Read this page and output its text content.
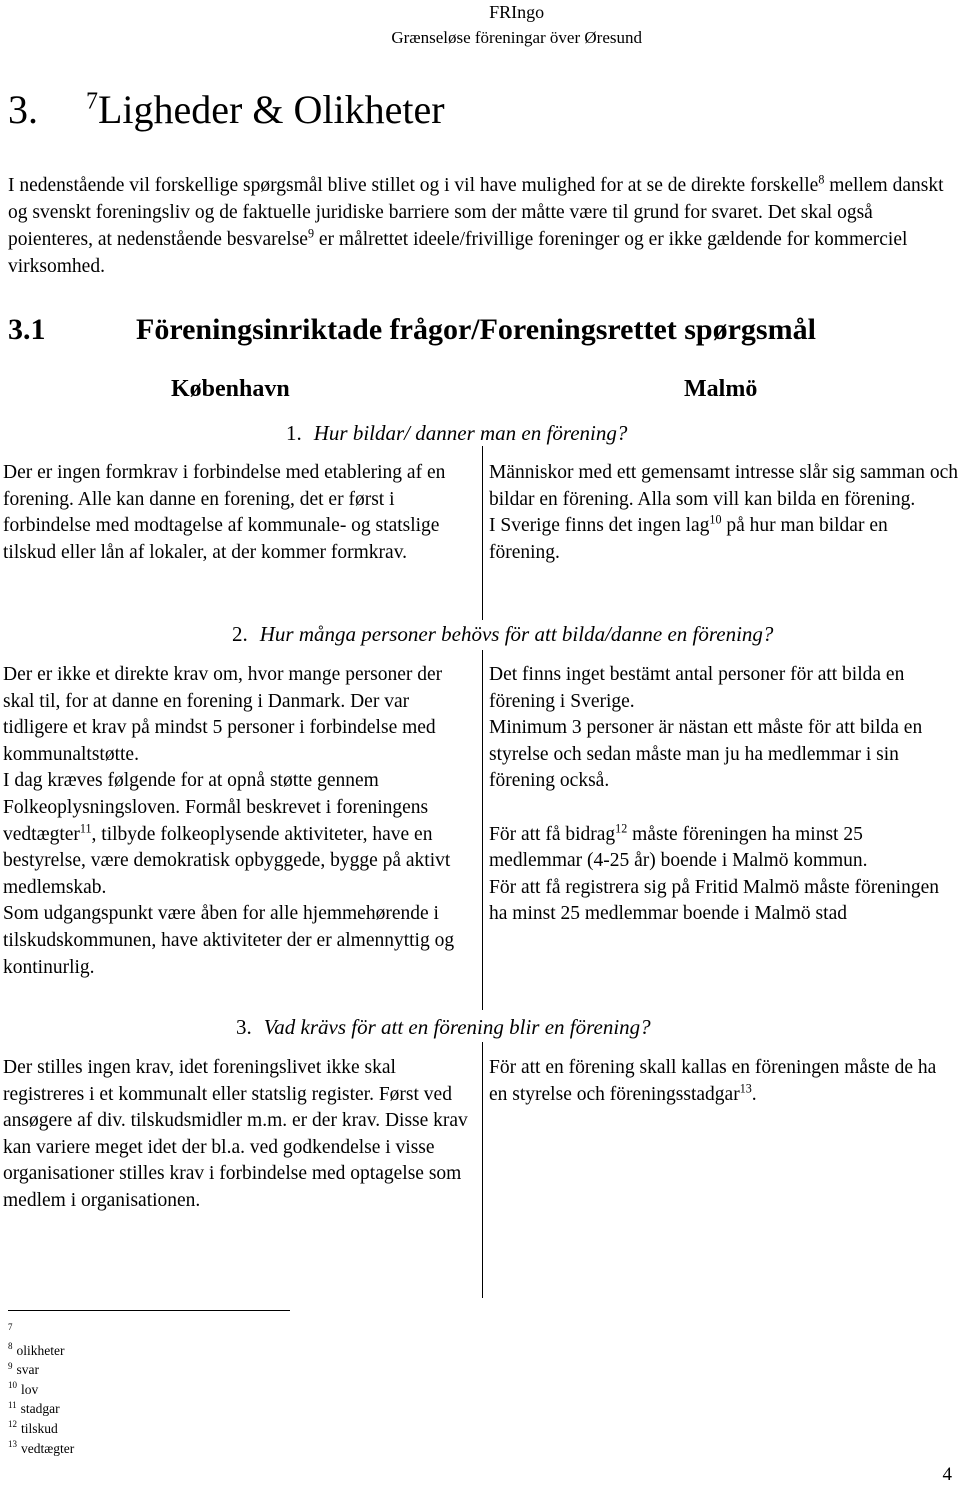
FRIngo
Grænseløse föreningar över Øresund
3. $^7$Ligheder & Olikheter

I nedenstående vil forskellige spørgsmål blive stillet og i vil have mulighed for at se de direkte forskelle$^8$ mellem danskt og svenskt foreningsliv og de faktuelle juridiske barriere som der måtte være til grund for svaret. Det skal også poienteres, at nedenstående besvarelse$^9$ er målrettet ideele/frivillige foreninger og er ikke gældende for kommerciel virksomhed.

3.1	Föreningsinriktade frågor/Foreningsrettet spørgsmål
København	Malmö
1. Hur bildar/ danner man en förening?

Der er ingen formkrav i forbindelse med etablering af en forening. Alle kan danne en forening, det er først i forbindelse med modtagelse af kommunale- og statslige tilskud eller lån af lokaler, at der kommer formkrav.

Människor med ett gemensamt intresse slår sig samman och bildar en förening. Alla som vill kan bilda en förening.

I Sverige finns det ingen lag$^{10}$ på hur man bildar en förening.

2. Hur många personer behövs för att bilda/danne en förening?

Der er ikke et direkte krav om, hvor mange personer der skal til, for at danne en forening i Danmark. Der var tidligere et krav på mindst 5 personer i forbindelse med kommunaltstøtte.

I dag kræves følgende for at opnå støtte gennem Folkeoplysningsloven. Formål beskrevet i foreningens vedtægter$^{11}$, tilbyde folkeoplysende aktiviteter, have en bestyrelse, være demokratisk opbyggede, bygge på aktivt medlemskab.

Som udgangspunkt være åben for alle hjemmehørende i tilskudskommunen, have aktiviteter der er almennyttig og kontinurlig.

Det finns inget bestämt antal personer för att bilda en förening i Sverige.

Minimum 3 personer är nästan ett måste för att bilda en styrelse och sedan måste man ju ha medlemmar i sin förening också.

För att få bidrag$^{12}$ måste föreningen ha minst 25 medlemmar (4-25 år) boende i Malmö kommun.

För att få registrera sig på Fritid Malmö måste föreningen ha minst 25 medlemmar boende i Malmö stad

3. Vad krävs för att en förening blir en förening?

Der stilles ingen krav, idet foreningslivet ikke skal registreres i et kommunalt eller statslig register. Først ved ansøgere af div. tilskudsmidler m.m. er der krav. Disse krav kan variere meget idet der bl.a. ved godkendelse i visse organisationer stilles krav i forbindelse med optagelse som medlem i organisationen.

För att en förening skall kallas en föreningen måste de ha en styrelse och föreningsstadgar$^{13}$.

$^7$
$^8$ olikheter
$^9$ svar
$^{10}$ lov
$^{11}$ stadgar
$^{12}$ tilskud
$^{13}$ vedtægter
4
